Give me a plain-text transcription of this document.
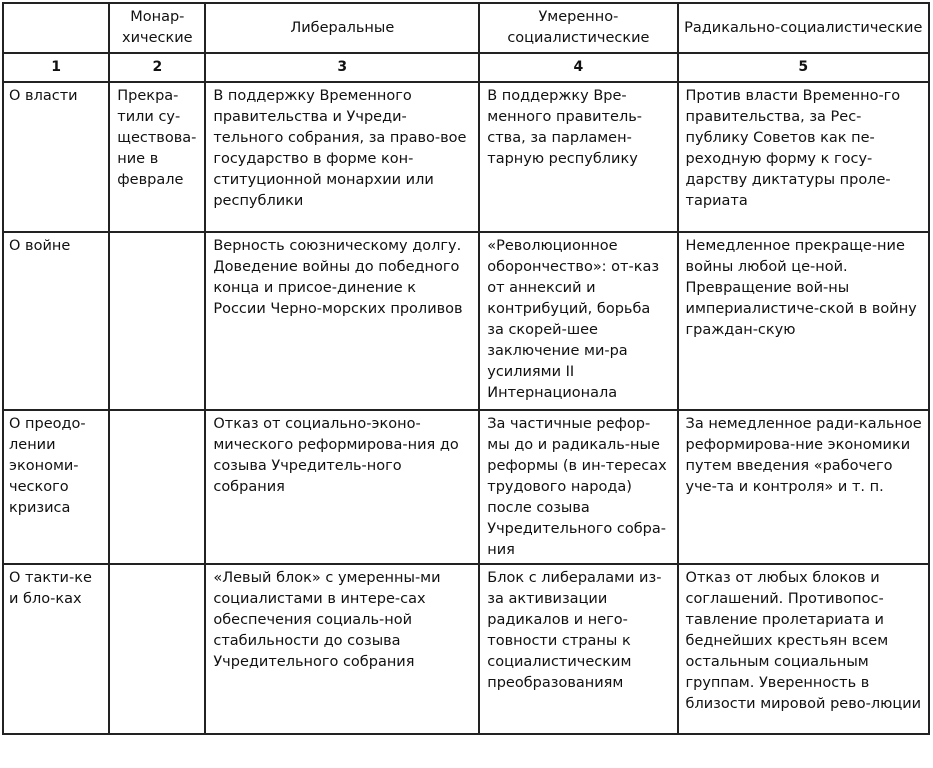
	Монар-хические	Либеральные	Умеренно-социалистические	Радикально-социалистические
1	2	3	4	5
О власти	Прекра-тили су-ществова-ние в феврале	В поддержку Временного правительства и Учреди-тельного собрания, за право-вое государство в форме кон-ституционной монархии или республики	В поддержку Вре-менного правитель-ства, за парламен-тарную республику	Против власти Временно-го правительства, за Рес-публику Советов как пе-реходную форму к госу-дарству диктатуры проле-тариата
О войне		Верность союзническому долгу. Доведение войны до победного конца и присое-динение к России Черно-морских проливов	«Революционное оборончество»: от-каз от аннексий и контрибуций, борьба за скорей-шее заключение ми-ра усилиями II Интернационала	Немедленное прекраще-ние войны любой це-ной. Превращение вой-ны империалистиче-ской в войну граждан-скую
О преодо-лении экономи-ческого кризиса		Отказ от социально-эконо-мического реформирова-ния до созыва Учредитель-ного собрания	За частичные рефор-мы до и радикаль-ные реформы (в ин-тересах трудового народа) после созыва Учредительного собра-ния	За немедленное ради-кальное реформирова-ние экономики путем введения «рабочего уче-та и контроля» и т. п.
О такти-ке и бло-ках		«Левый блок» с умеренны-ми социалистами в интере-сах обеспечения социаль-ной стабильности до созыва Учредительного собрания	Блок с либералами из-за активизации радикалов и него-товности страны к социалистическим преобразованиям	Отказ от любых блоков и соглашений. Противопос-тавление пролетариата и беднейших крестьян всем остальным социальным группам. Уверенность в близости мировой рево-люции
